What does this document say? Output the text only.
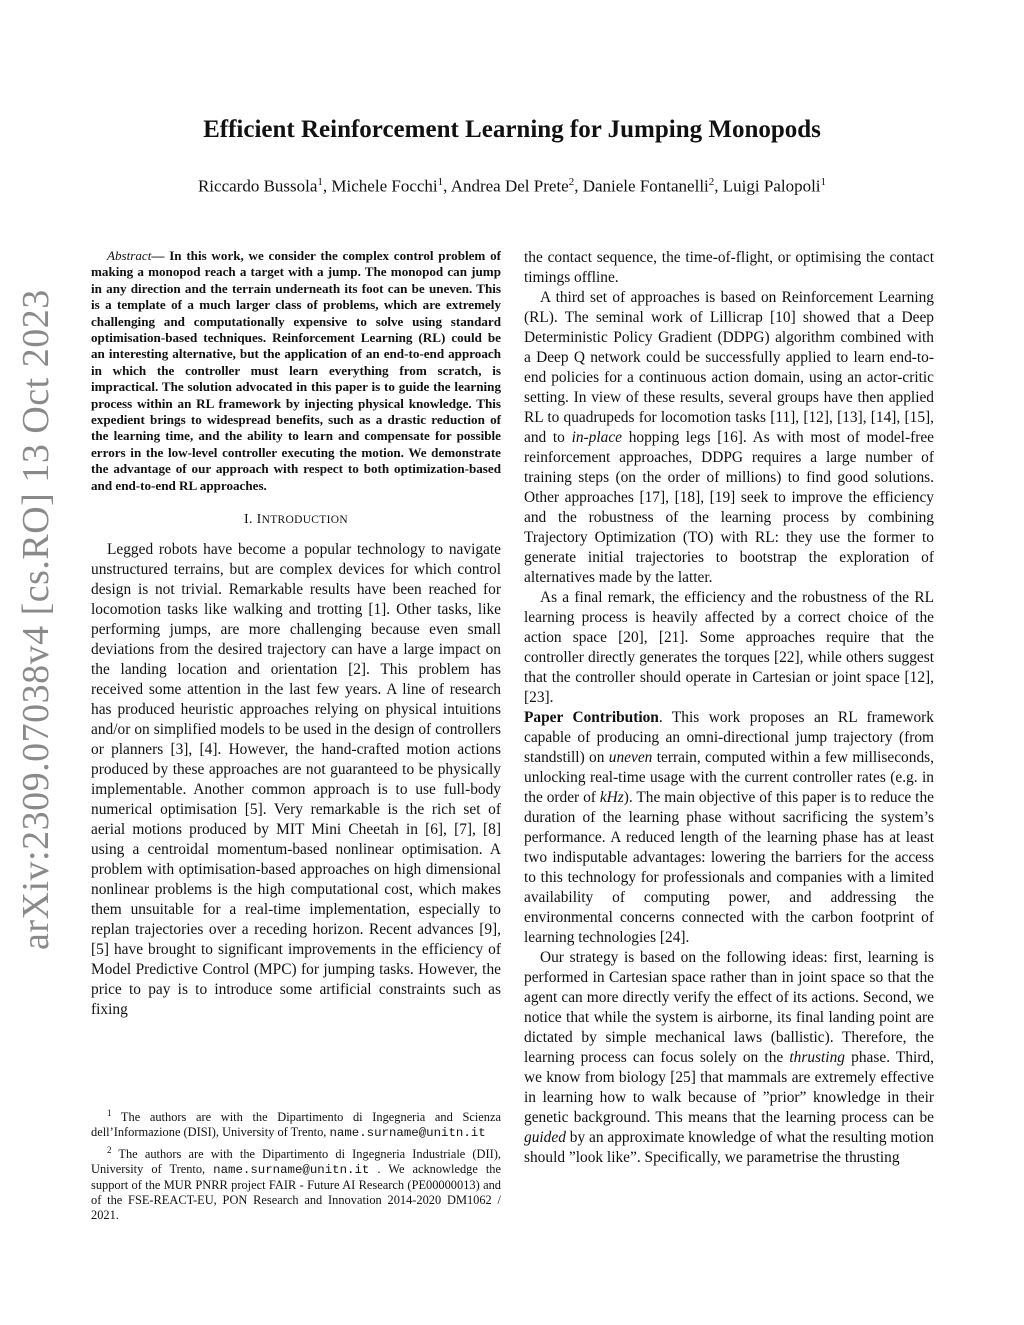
arXiv:2309.07038v4 [cs.RO] 13 Oct 2023
Efficient Reinforcement Learning for Jumping Monopods
Riccardo Bussola$^1$, Michele Focchi$^1$, Andrea Del Prete$^2$, Daniele Fontanelli$^2$, Luigi Palopoli$^1$

Abstract— In this work, we consider the complex control problem of making a monopod reach a target with a jump. The monopod can jump in any direction and the terrain underneath its foot can be uneven. This is a template of a much larger class of problems, which are extremely challenging and computationally expensive to solve using standard optimisation-based techniques. Reinforcement Learning (RL) could be an interesting alternative, but the application of an end-to-end approach in which the controller must learn everything from scratch, is impractical. The solution advocated in this paper is to guide the learning process within an RL framework by injecting physical knowledge. This expedient brings to widespread benefits, such as a drastic reduction of the learning time, and the ability to learn and compensate for possible errors in the low-level controller executing the motion. We demonstrate the advantage of our approach with respect to both optimization-based and end-to-end RL approaches.

I. INTRODUCTION

Legged robots have become a popular technology to navigate unstructured terrains, but are complex devices for which control design is not trivial. Remarkable results have been reached for locomotion tasks like walking and trotting [1]. Other tasks, like performing jumps, are more challenging because even small deviations from the desired trajectory can have a large impact on the landing location and orientation [2]. This problem has received some attention in the last few years. A line of research has produced heuristic approaches relying on physical intuitions and/or on simplified models to be used in the design of controllers or planners [3], [4]. However, the hand-crafted motion actions produced by these approaches are not guaranteed to be physically implementable. Another common approach is to use full-body numerical optimisation [5]. Very remarkable is the rich set of aerial motions produced by MIT Mini Cheetah in [6], [7], [8] using a centroidal momentum-based nonlinear optimisation. A problem with optimisation-based approaches on high dimensional nonlinear problems is the high computational cost, which makes them unsuitable for a real-time implementation, especially to replan trajectories over a receding horizon. Recent advances [9], [5] have brought to significant improvements in the efficiency of Model Predictive Control (MPC) for jumping tasks. However, the price to pay is to introduce some artificial constraints such as fixing

$^1$ The authors are with the Dipartimento di Ingegneria and Scienza dell’Informazione (DISI), University of Trento, name.surname@unitn.it

$^2$ The authors are with the Dipartimento di Ingegneria Industriale (DII), University of Trento, name.surname@unitn.it . We acknowledge the support of the MUR PNRR project FAIR - Future AI Research (PE00000013) and of the FSE-REACT-EU, PON Research and Innovation 2014-2020 DM1062 / 2021.

the contact sequence, the time-of-flight, or optimising the contact timings offline.

A third set of approaches is based on Reinforcement Learning (RL). The seminal work of Lillicrap [10] showed that a Deep Deterministic Policy Gradient (DDPG) algorithm combined with a Deep Q network could be successfully applied to learn end-to-end policies for a continuous action domain, using an actor-critic setting. In view of these results, several groups have then applied RL to quadrupeds for locomotion tasks [11], [12], [13], [14], [15], and to in-place hopping legs [16]. As with most of model-free reinforcement approaches, DDPG requires a large number of training steps (on the order of millions) to find good solutions. Other approaches [17], [18], [19] seek to improve the efficiency and the robustness of the learning process by combining Trajectory Optimization (TO) with RL: they use the former to generate initial trajectories to bootstrap the exploration of alternatives made by the latter.

As a final remark, the efficiency and the robustness of the RL learning process is heavily affected by a correct choice of the action space [20], [21]. Some approaches require that the controller directly generates the torques [22], while others suggest that the controller should operate in Cartesian or joint space [12], [23].

Paper Contribution. This work proposes an RL framework capable of producing an omni-directional jump trajectory (from standstill) on uneven terrain, computed within a few milliseconds, unlocking real-time usage with the current controller rates (e.g. in the order of kHz). The main objective of this paper is to reduce the duration of the learning phase without sacrificing the system’s performance. A reduced length of the learning phase has at least two indisputable advantages: lowering the barriers for the access to this technology for professionals and companies with a limited availability of computing power, and addressing the environmental concerns connected with the carbon footprint of learning technologies [24].

Our strategy is based on the following ideas: first, learning is performed in Cartesian space rather than in joint space so that the agent can more directly verify the effect of its actions. Second, we notice that while the system is airborne, its final landing point are dictated by simple mechanical laws (ballistic). Therefore, the learning process can focus solely on the thrusting phase. Third, we know from biology [25] that mammals are extremely effective in learning how to walk because of ”prior” knowledge in their genetic background. This means that the learning process can be guided by an approximate knowledge of what the resulting motion should ”look like”. Specifically, we parametrise the thrusting
